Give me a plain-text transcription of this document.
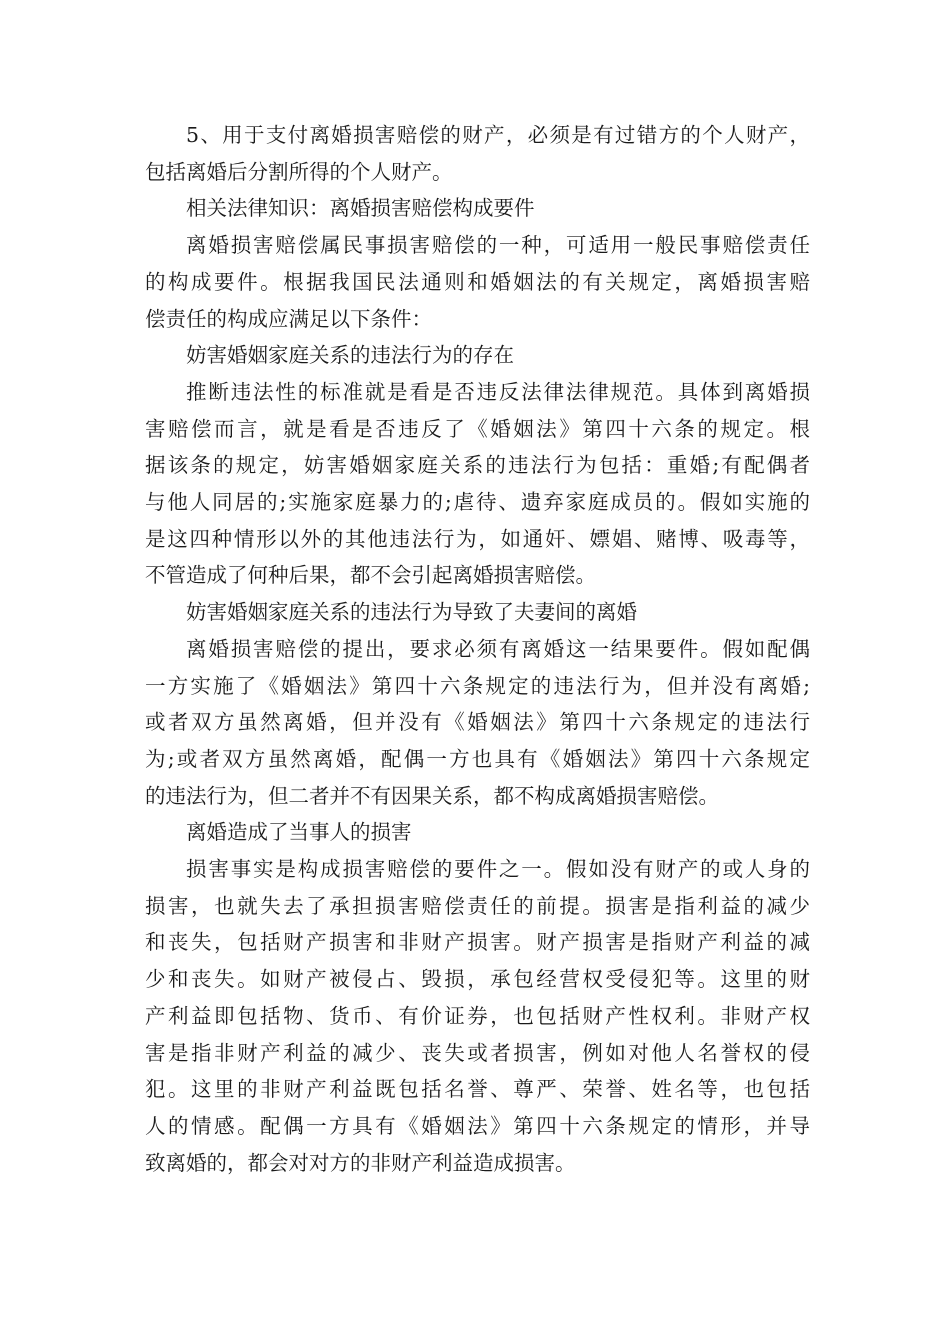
5、用于支付离婚损害赔偿的财产，必须是有过错方的个人财产，
包括离婚后分割所得的个人财产。

相关法律知识：离婚损害赔偿构成要件

离婚损害赔偿属民事损害赔偿的一种，可适用一般民事赔偿责任
的构成要件。根据我国民法通则和婚姻法的有关规定，离婚损害赔
偿责任的构成应满足以下条件：

妨害婚姻家庭关系的违法行为的存在

推断违法性的标准就是看是否违反法律法律规范。具体到离婚损
害赔偿而言，就是看是否违反了《婚姻法》第四十六条的规定。根
据该条的规定，妨害婚姻家庭关系的违法行为包括：重婚;有配偶者
与他人同居的;实施家庭暴力的;虐待、遗弃家庭成员的。假如实施的
是这四种情形以外的其他违法行为，如通奸、嫖娼、赌博、吸毒等，
不管造成了何种后果，都不会引起离婚损害赔偿。

妨害婚姻家庭关系的违法行为导致了夫妻间的离婚

离婚损害赔偿的提出，要求必须有离婚这一结果要件。假如配偶
一方实施了《婚姻法》第四十六条规定的违法行为，但并没有离婚;
或者双方虽然离婚，但并没有《婚姻法》第四十六条规定的违法行
为;或者双方虽然离婚，配偶一方也具有《婚姻法》第四十六条规定
的违法行为，但二者并不有因果关系，都不构成离婚损害赔偿。

离婚造成了当事人的损害

损害事实是构成损害赔偿的要件之一。假如没有财产的或人身的
损害，也就失去了承担损害赔偿责任的前提。损害是指利益的减少
和丧失，包括财产损害和非财产损害。财产损害是指财产利益的减
少和丧失。如财产被侵占、毁损，承包经营权受侵犯等。这里的财
产利益即包括物、货币、有价证券，也包括财产性权利。非财产权
害是指非财产利益的减少、丧失或者损害，例如对他人名誉权的侵
犯。这里的非财产利益既包括名誉、尊严、荣誉、姓名等，也包括
人的情感。配偶一方具有《婚姻法》第四十六条规定的情形，并导
致离婚的，都会对对方的非财产利益造成损害。
